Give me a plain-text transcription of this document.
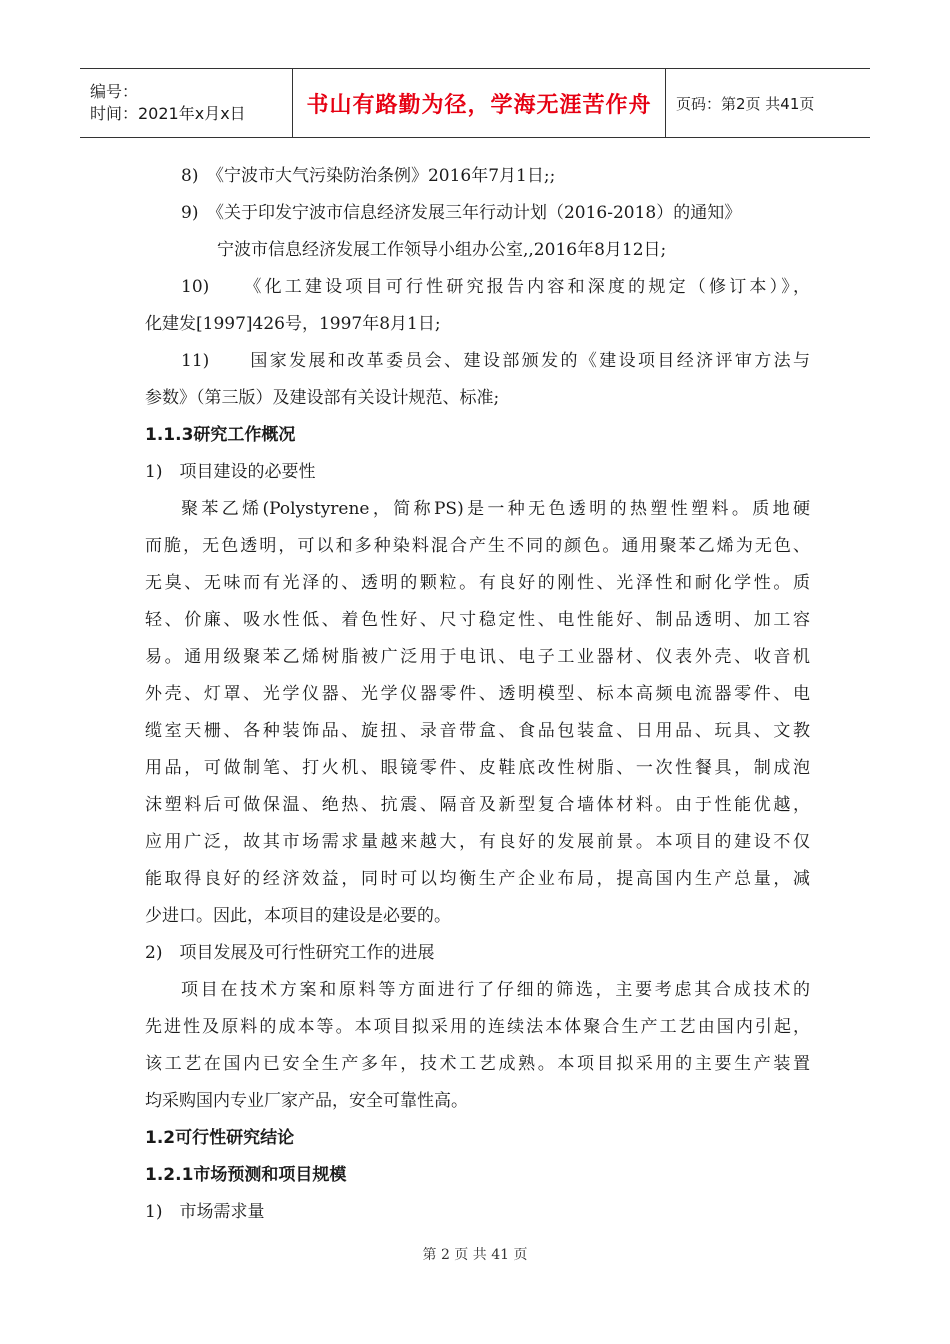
编号：
时间：2021年x月x日	书山有路勤为径，学海无涯苦作舟 页码：第2页 共41页
8)　《宁波市大气污染防治条例》2016年7月1日;;
9)　《关于印发宁波市信息经济发展三年行动计划（2016-2018）的通知》
宁波市信息经济发展工作领导小组办公室,,2016年8月12日;
10)　　《化工建设项目可行性研究报告内容和深度的规定（修订本）》，
化建发[1997]426号，1997年8月1日;
11)　　国家发展和改革委员会、建设部颁发的《建设项目经济评审方法与
参数》（第三版）及建设部有关设计规范、标准;
1.1.3研究工作概况
1)　项目建设的必要性
聚苯乙烯(Polystyrene，简称PS)是一种无色透明的热塑性塑料。质地硬
而脆，无色透明，可以和多种染料混合产生不同的颜色。通用聚苯乙烯为无色、
无臭、无味而有光泽的、透明的颗粒。有良好的刚性、光泽性和耐化学性。质
轻、价廉、吸水性低、着色性好、尺寸稳定性、电性能好、制品透明、加工容
易。通用级聚苯乙烯树脂被广泛用于电讯、电子工业器材、仪表外壳、收音机
外壳、灯罩、光学仪器、光学仪器零件、透明模型、标本高频电流器零件、电
缆室天栅、各种装饰品、旋扭、录音带盒、食品包装盒、日用品、玩具、文教
用品，可做制笔、打火机、眼镜零件、皮鞋底改性树脂、一次性餐具，制成泡
沫塑料后可做保温、绝热、抗震、隔音及新型复合墙体材料。由于性能优越，
应用广泛，故其市场需求量越来越大，有良好的发展前景。本项目的建设不仅
能取得良好的经济效益，同时可以均衡生产企业布局，提高国内生产总量，减
少进口。因此，本项目的建设是必要的。
2)　项目发展及可行性研究工作的进展
项目在技术方案和原料等方面进行了仔细的筛选，主要考虑其合成技术的
先进性及原料的成本等。本项目拟采用的连续法本体聚合生产工艺由国内引起，
该工艺在国内已安全生产多年，技术工艺成熟。本项目拟采用的主要生产装置
均采购国内专业厂家产品，安全可靠性高。
1.2可行性研究结论
1.2.1市场预测和项目规模
1)　市场需求量
第 2 页 共 41 页
